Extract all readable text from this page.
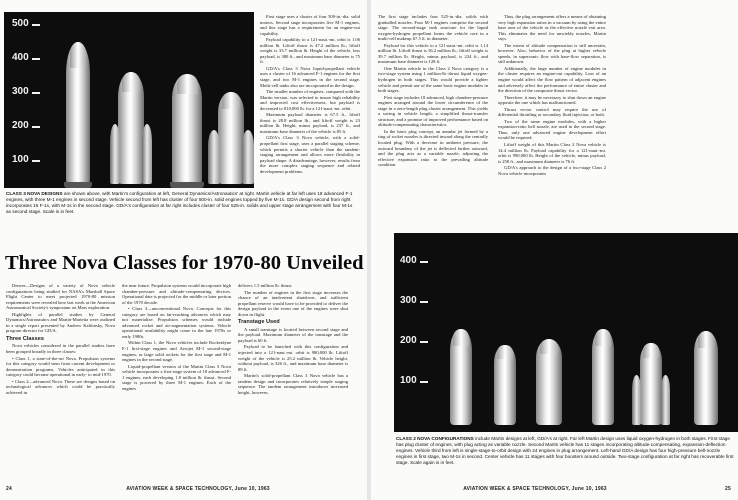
500
400
300
200
100

First stage uses a cluster of four 500-in.-dia. solid motors. Second stage incorporates five M-1 engines, and this stage has a requirement for an engine-out capability.

Payload capability to a 121-naut.-mi. orbit is 1.06 million lb. Liftoff thrust is 47.2 million lb.; liftoff weight is 33.7 million lb. Height of the vehicle, less payload, is 380 ft., and maximum base diameter is 75 ft.

GD/A's Class 3 Nova liquid-propellant vehicle uses a cluster of 16 advanced F-1 engines for the first stage, and two M-1 engines in the second stage. Multi-cell tanks also are incorporated in the design.

The smaller number of engines, compared with the Martin version, was selected to insure high reliability and improved cost effectiveness, but payload is decreased to 810,000 lb. for a 121-naut.-mi. orbit.

Maximum payload diameter is 67.5 ft., liftoff thrust is 28.8 million lb., and liftoff weight is 23 million lb. Height, minus payload, is 237 ft., and maximum base diameter of the vehicle is 85 ft.

GD/A's Class 3 Nova vehicle, with a solid-propellant first stage, uses a parallel staging scheme, which permits a shorter vehicle than the tandem-staging arrangement and allows more flexibility in payload shape. A disadvantage, however, results from the more complex staging sequence and related development problems.

CLASS 3 NOVA DESIGNS are shown above, with Martin's configuration at left, General Dynamics/Astronautics' at right. Martin vehicle at far left uses 18 advanced F-1 engines, with three M-1 engines in second stage. Vehicle second from left has cluster of four 500-in. solid engines topped by five M-1s. GD/A design second from right incorporates 16 F-1s, with M-1s in the second stage. GD/A's configuration at far right includes cluster of four 525-in. solids and upper stage arrangement with four M-1s as second stage. Scale is in feet.
Three Nova Classes for 1970-80 Unveiled

Denver—Designs of a variety of Nova vehicle configurations being studied for NASA's Marshall Space Flight Center to meet projected 1970-80 mission requirements were revealed here last week at the American Astronautical Society's symposium on Mars exploration.

Highlights of parallel studies by General Dynamics/Astronautics and Martin-Marietta were outlined in a single report presented by Andrew Kalitinsky, Nova program director for GD/A.

Three Classes

Nova vehicles considered in the parallel studies have been grouped broadly in three classes:

• Class 1, a state-of-the-art Nova. Propulsion systems for this category would stem from current development or demonstration programs. Vehicles anticipated in this category could become operational in early- to mid-1970.

• Class 2—advanced Nova. These are designs based on technological advances which could be practically achieved in

the near future. Propulsion systems would incorporate high chamber-pressure and altitude-compensating devices. Operational date is projected for the middle or later portion of the 1970 decade.

• Class 3—unconventional Nova. Concepts for this category are based on far-reaching advances which may not materialize. Propulsion schemes would include advanced rocket and air-augmentation systems. Vehicle operational availability might come in the late 1970s or early 1980s.

Within Class 1, the Nova vehicles include Rocketdyne F-1 first-stage engines and Aerojet M-1 second-stage engines, or large solid rockets for the first stage and M-1 engines in the second stage.

Liquid-propellant version of the Martin Class 3 Nova vehicle incorporates a first-stage system of 18 advanced F-1 engines, each developing 1.8 million lb. thrust. Second stage is powered by three M-1 engines. Each of the engines

delivers 1.5 million lb. thrust.

The number of engines in the first stage increases the chance of an inadvertent shutdown, and sufficient propellant reserve would have to be provided to deliver the design payload in the event one of the engines were shut down in flight.

Transtage Used

A small transtage is located between second stage and the payload. Maximum diameter of the transtage and the payload is 60 ft.

Payload to be launched with this configuration and injected into a 121-naut.-mi. orbit is 980,000 lb. Liftoff weight of the vehicle is 25.2 million lb. Vehicle height, without payload, is 326 ft., and maximum base diameter is 89 ft.

Martin's solid-propellant Class 3 Nova vehicle has a tandem design and incorporates relatively simple staging sequence. The tandem arrangement introduces increased height, however,

24	AVIATION WEEK & SPACE TECHNOLOGY, June 10, 1963

The first stage includes four 525-in.-dia. solids with gimballed nozzles. Four M-1 engines comprise the second stage. The second-stage tank structure for the liquid oxygen-hydrogen propellant forms the vehicle core in a multi-cell makeup 67.5 ft. in diameter.

Payload for this vehicle to a 121-naut.-mi. orbit is 1.14 million lb. Liftoff thrust is 56.2 million lb.; liftoff weight is 39.7 million lb. Height, minus payload, is 224 ft., and maximum base diameter is 128 ft.

One Martin vehicle in the Class 2 Nova category is a two-stage system using 1 million-lb.-thrust liquid oxygen-hydrogen in both stages. This would provide a lighter vehicle and permit use of the same basic engine modules in both stages.

First stage includes 18 advanced, high chamber-pressure engines arranged around the lower circumference of the stage in a zero-length plug cluster arrangement. This yields a saving in vehicle length, a simplified thrust-transfer structure, and a promise of improved performance based on altitude-compensating characteristics.

In the basic plug concept, an annular jet formed by a ring of rocket nozzles is directed inward along the centrally located plug. With a decrease in ambient pressure, the outward boundary of the jet is deflected farther outward, and the plug acts as a variable nozzle, adjusting the effective expansion ratio to the prevailing altitude condition.

Thus, the plug arrangement offers a means of obtaining very high expansion ratios in a vacuum by using the entire base area of the vehicle as the effective nozzle exit area. This eliminates the need for unwieldy nozzles, Martin says.

The extent of altitude compensation is still uncertain, however. Also, behavior of the plug at higher vehicle speeds, in supersonic flow with base-flow separation, is still unknown.

Additionally, the large number of engine modules in the cluster requires an engine-out capability. Loss of an engine would affect the flow pattern of adjacent engines and adversely affect the performance of entire cluster and the direction of the composite thrust vector.

Therefore, it may be necessary to shut down an engine opposite the one which has malfunctioned.

Thrust vector control may require the use of differential throttling or secondary fluid injection, or both.

Two of the same engine modules, with a higher expansion-ratio bell nozzle, are used in the second stage. Thus, only one advanced engine development effort would be required.

Liftoff weight of this Martin Class 2 Nova vehicle is 14.4 million lb. Payload capability for a 121-naut.-mi. orbit is 990,000 lb. Height of the vehicle, minus payload, is 258 ft., and maximum diameter is 76 ft.

GD/A's approach to the design of a two-stage Class 2 Nova vehicle incorporates

400
300
200
100
CLASS 2 NOVA CONFIGURATIONS include Martin designs at left, GD/A's at right. Far left Martin design uses liquid oxygen-hydrogen in both stages. First stage has plug cluster of engines, with plug acting as variable nozzle. Second Martin vehicle has 11 stages incorporating altitude-compensating, expansion-deflection engines. Vehicle third from left is single-stage-to-orbit design with 24 engines in plug arrangement. Left-hand GD/A design has four high-pressure bell-nozzle engines in first stage, two M-1s in second. Center vehicle has 11 stages with four boosters around outside. Two-stage configuration at far right has recoverable first stage. Scale again is in feet.
AVIATION WEEK & SPACE TECHNOLOGY, June 10, 1963	25
